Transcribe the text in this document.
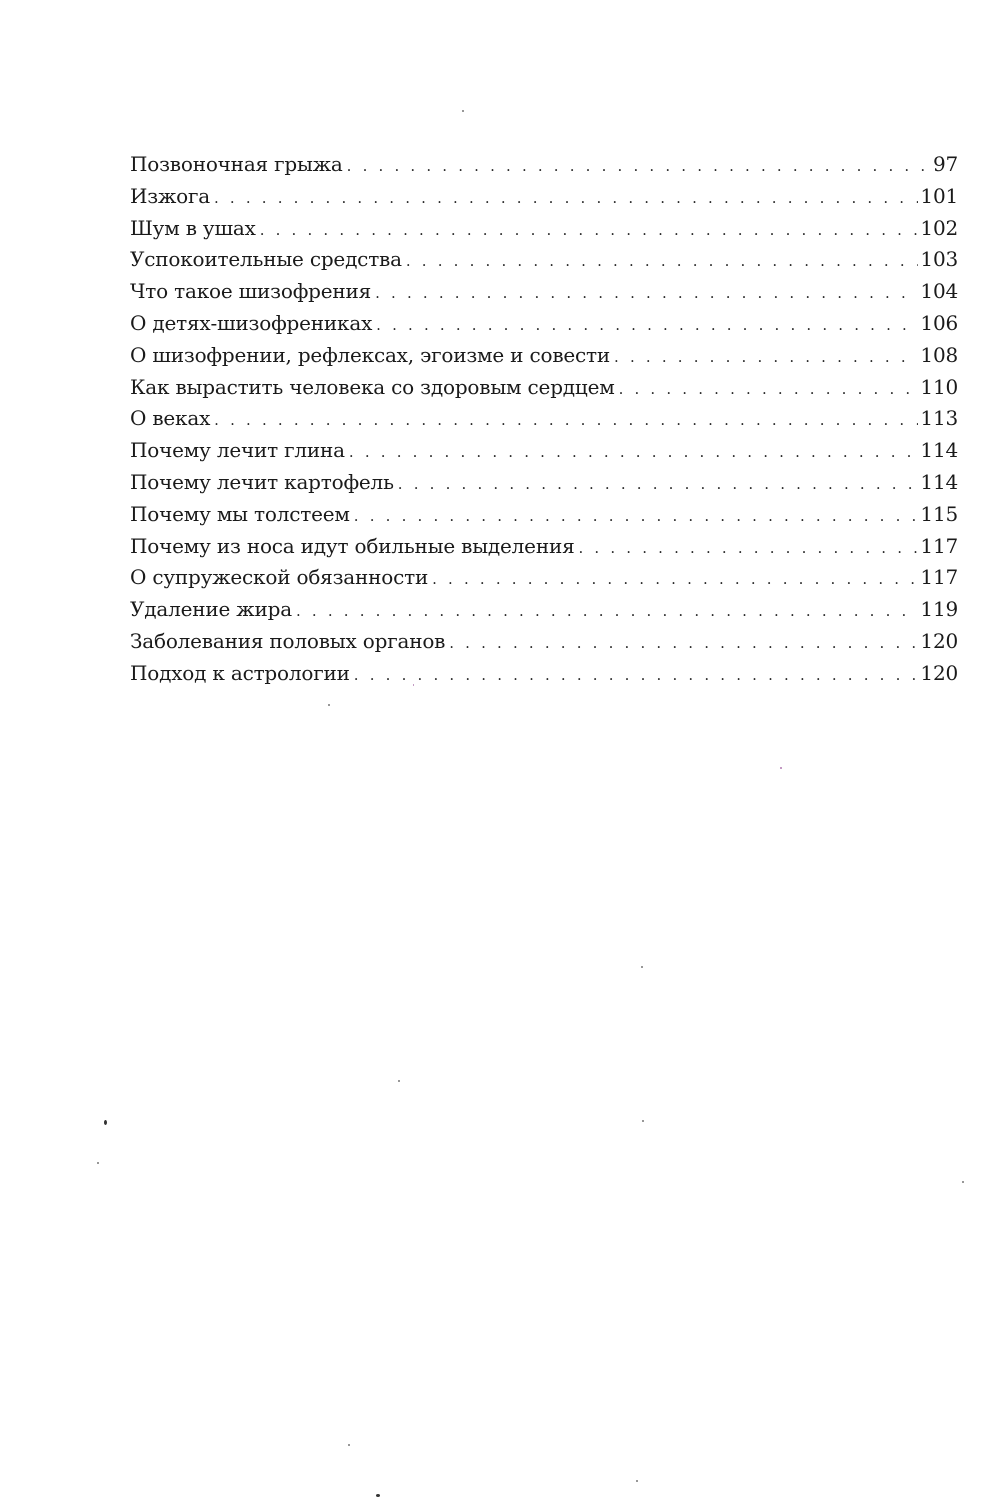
Позвоночная грыжа . . .	97
Изжога . . .	101
Шум в ушах . . .	102
Успокоительные средства . . .	103
Что такое шизофрения . . .	104
О детях-шизофрениках . . .	106
О шизофрении, рефлексах, эгоизме и совести . . .	108
Как вырастить человека со здоровым сердцем . . .	110
О веках . . .	113
Почему лечит глина . . .	114
Почему лечит картофель . . .	114
Почему мы толстеем . . .	115
Почему из носа идут обильные выделения . . .	117
О супружеской обязанности . . .	117
Удаление жира . . .	119
Заболевания половых органов . . .	120
Подход к астрологии . . .	120
